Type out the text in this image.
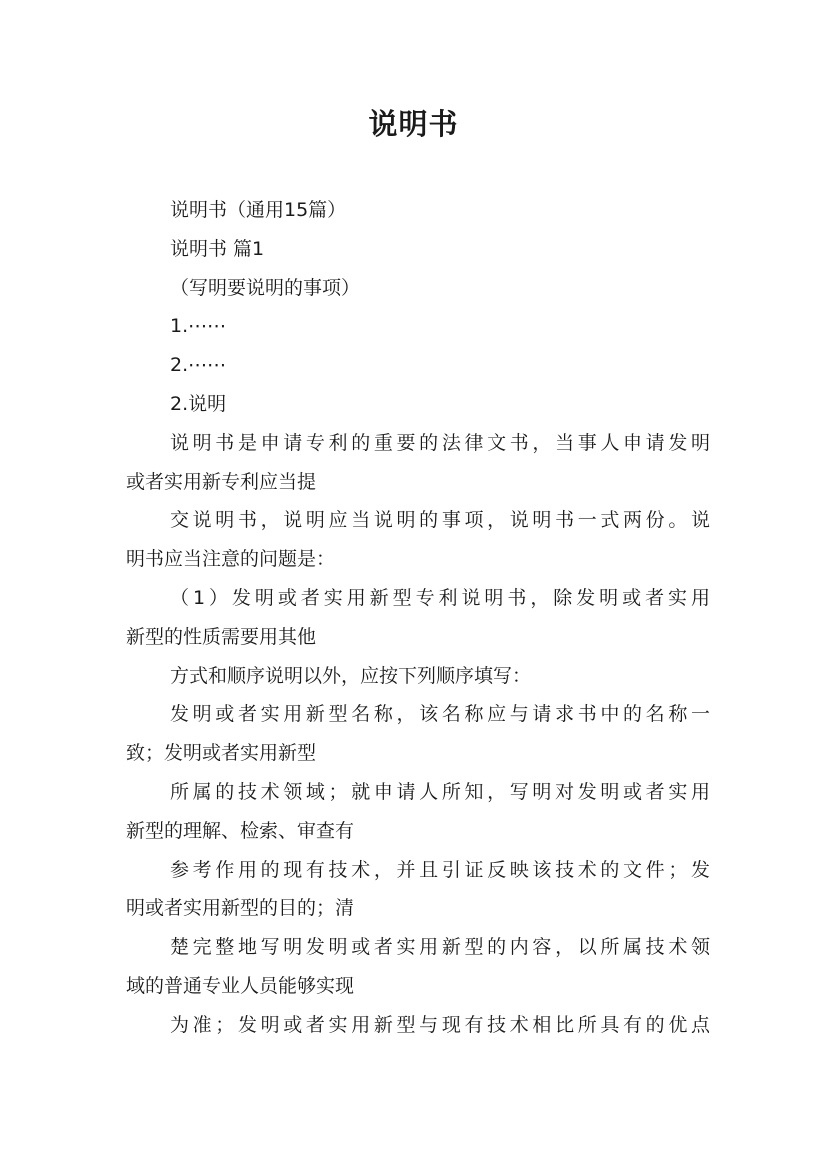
说明书
说明书（通用15篇）
说明书 篇1
（写明要说明的事项）
1.⋯⋯
2.⋯⋯
2.说明
说明书是申请专利的重要的法律文书，当事人申请发明
或者实用新专利应当提
交说明书，说明应当说明的事项，说明书一式两份。说
明书应当注意的问题是：
（1）发明或者实用新型专利说明书，除发明或者实用
新型的性质需要用其他
方式和顺序说明以外，应按下列顺序填写：
发明或者实用新型名称，该名称应与请求书中的名称一
致；发明或者实用新型
所属的技术领域；就申请人所知，写明对发明或者实用
新型的理解、检索、审查有
参考作用的现有技术，并且引证反映该技术的文件；发
明或者实用新型的目的；清
楚完整地写明发明或者实用新型的内容，以所属技术领
域的普通专业人员能够实现
为准；发明或者实用新型与现有技术相比所具有的优点
